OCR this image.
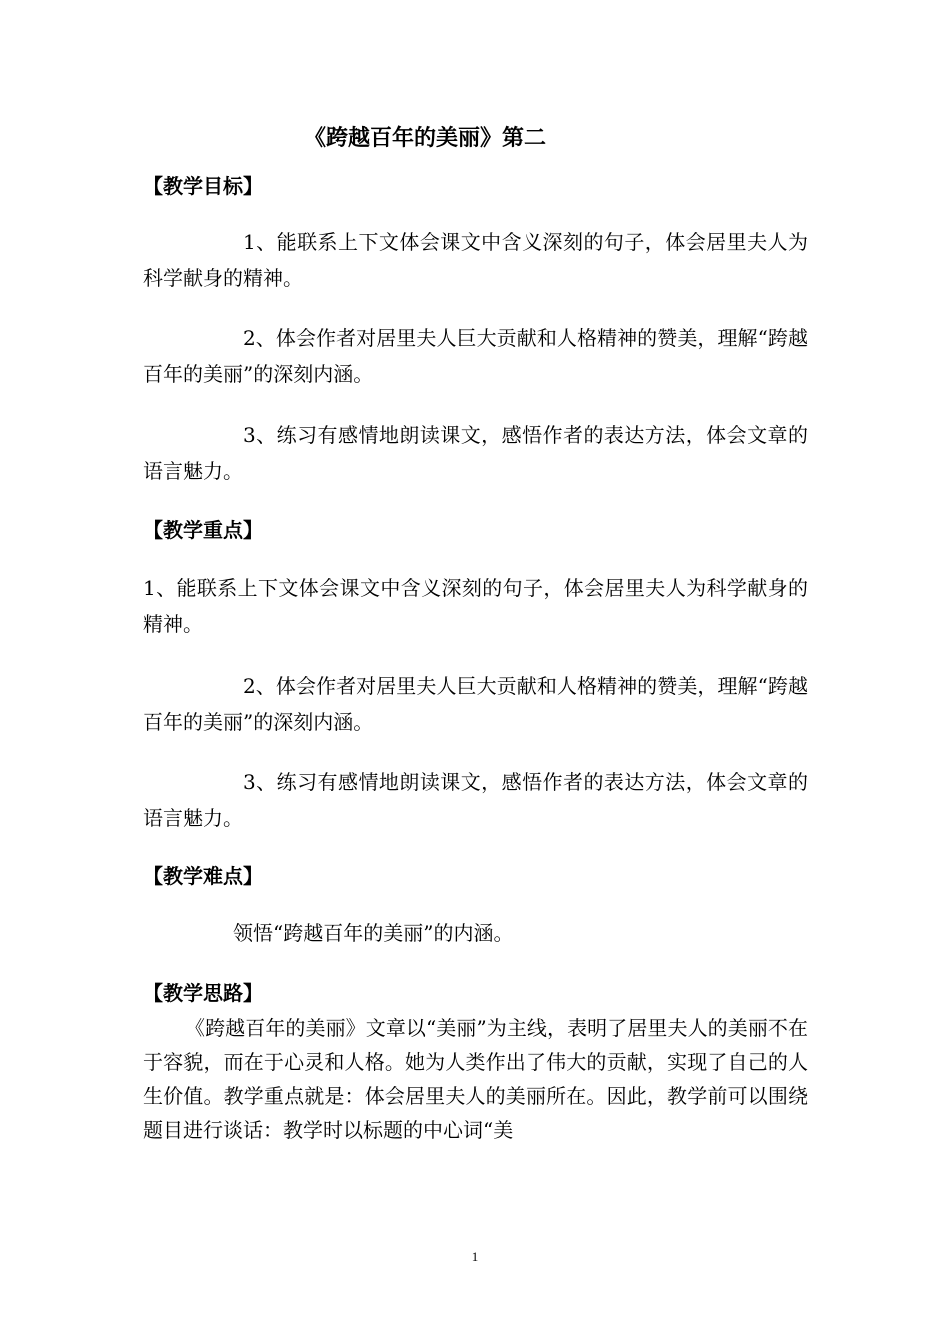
《跨越百年的美丽》第二
【教学目标】
1、能联系上下文体会课文中含义深刻的句子，体会居里夫人为科学献身的精神。
2、体会作者对居里夫人巨大贡献和人格精神的赞美，理解“跨越百年的美丽”的深刻内涵。
3、练习有感情地朗读课文，感悟作者的表达方法，体会文章的语言魅力。
【教学重点】
1、能联系上下文体会课文中含义深刻的句子，体会居里夫人为科学献身的精神。
2、体会作者对居里夫人巨大贡献和人格精神的赞美，理解“跨越百年的美丽”的深刻内涵。
3、练习有感情地朗读课文，感悟作者的表达方法，体会文章的语言魅力。
【教学难点】
领悟“跨越百年的美丽”的内涵。
【教学思路】
《跨越百年的美丽》文章以“美丽”为主线，表明了居里夫人的美丽不在于容貌，而在于心灵和人格。她为人类作出了伟大的贡献，实现了自己的人生价值。教学重点就是：体会居里夫人的美丽所在。因此，教学前可以围绕题目进行谈话：教学时以标题的中心词“美
1
